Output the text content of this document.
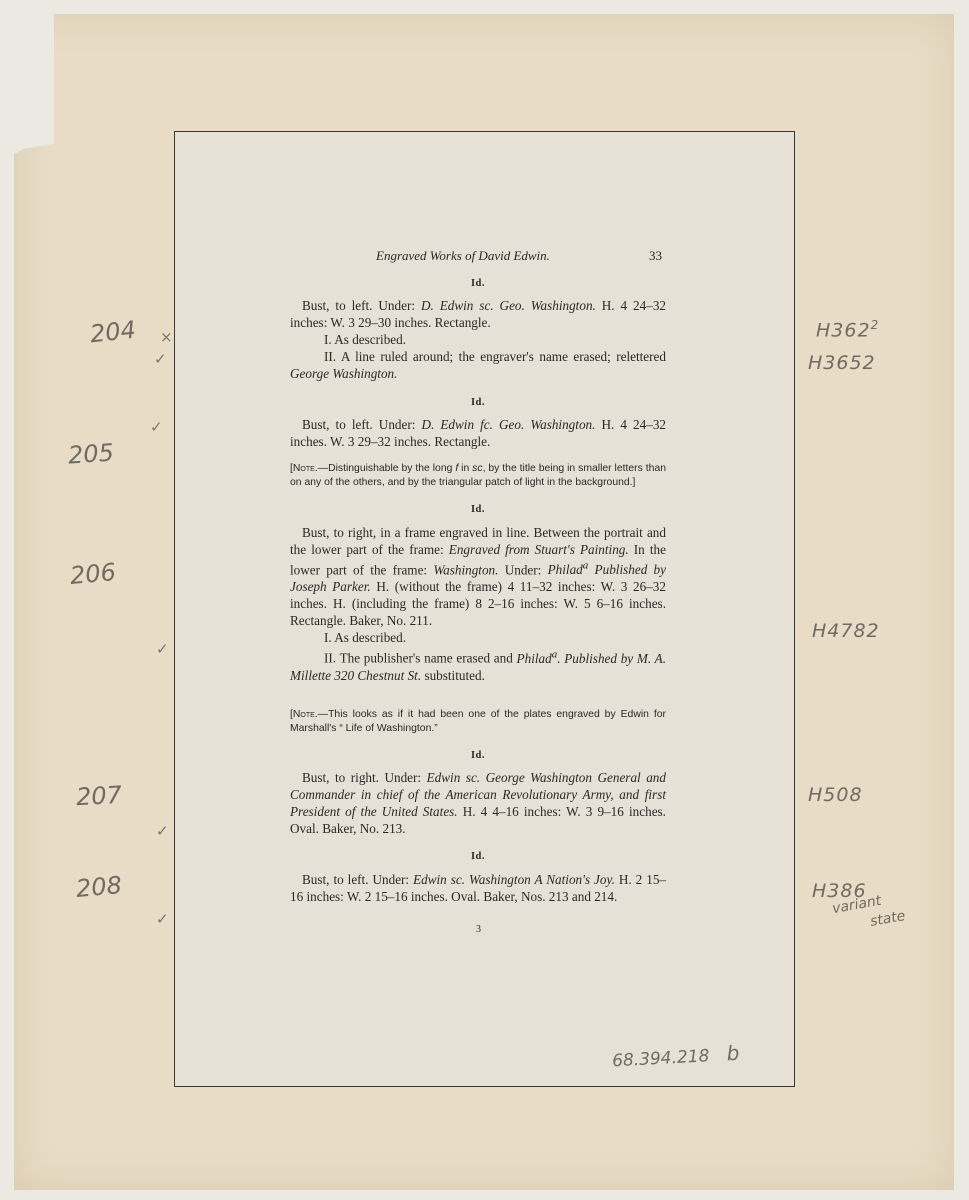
Engraved Works of David Edwin.	33
Id.

Bust, to left. Under: D. Edwin sc. Geo. Washington. H. 4 24–32 inches: W. 3 29–30 inches. Rectangle.

I. As described.

II. A line ruled around; the engraver's name erased; relettered George Washington.

Id.

Bust, to left. Under: D. Edwin fc. Geo. Washington. H. 4 24–32 inches. W. 3 29–32 inches. Rectangle.

[Note.—Distinguishable by the long f in sc, by the title being in smaller letters than on any of the others, and by the triangular patch of light in the background.]
Id.

Bust, to right, in a frame engraved in line. Between the portrait and the lower part of the frame: Engraved from Stuart's Painting. In the lower part of the frame: Washington. Under: Philad$^a$ Published by Joseph Parker. H. (without the frame) 4 11–32 inches: W. 3 26–32 inches. H. (including the frame) 8 2–16 inches: W. 5 6–16 inches. Rectangle. Baker, No. 211.

I. As described.

II. The publisher's name erased and Philad$^a$. Published by M. A. Millette 320 Chestnut St. substituted.

[Note.—This looks as if it had been one of the plates engraved by Edwin for Marshall's “ Life of Washington.”
Id.

Bust, to right. Under: Edwin sc. George Washington General and Commander in chief of the American Revolutionary Army, and first President of the United States. H. 4 4–16 inches: W. 3 9–16 inches. Oval. Baker, No. 213.

Id.

Bust, to left. Under: Edwin sc. Washington A Nation's Joy. H. 2 15–16 inches: W. 2 15–16 inches. Oval. Baker, Nos. 213 and 214.

3
204
205
206
207
208
×
✓
✓
✓
✓
✓
$H362^2$
H3652
H4782
H508
H386
variant
state
68.394.218 b
